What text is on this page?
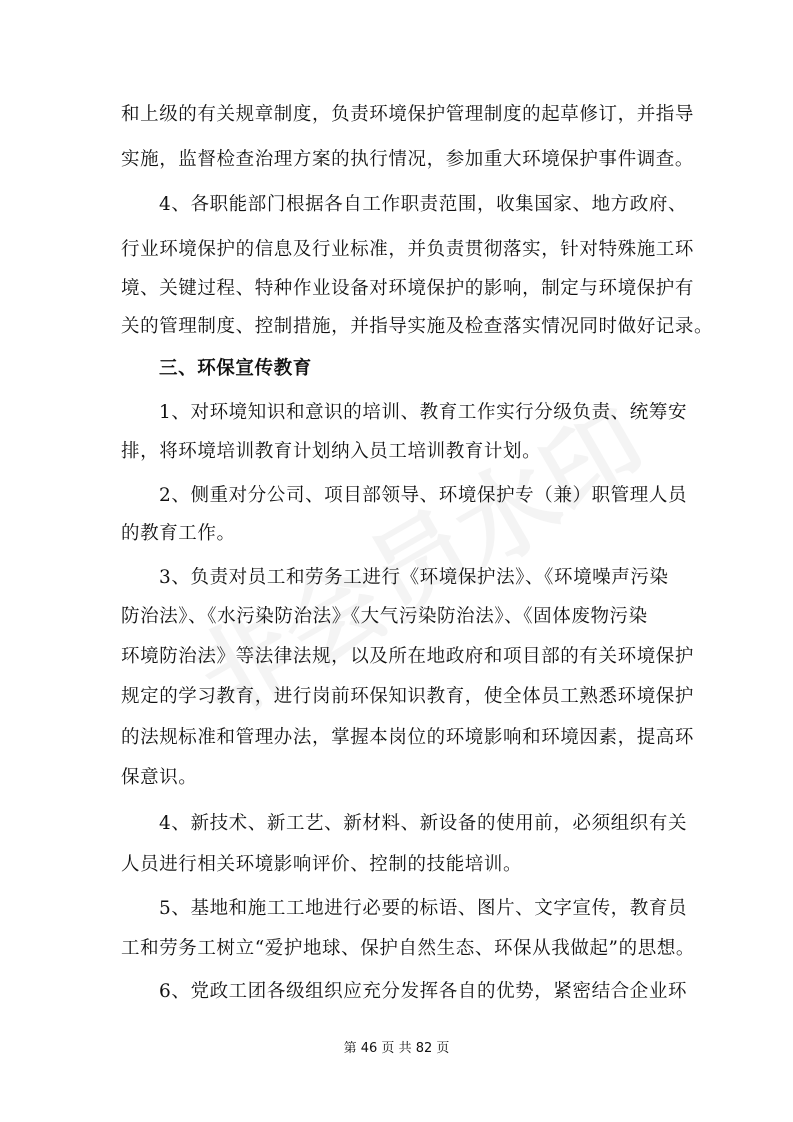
和上级的有关规章制度，负责环境保护管理制度的起草修订，并指导
实施，监督检查治理方案的执行情况，参加重大环境保护事件调查。
4、各职能部门根据各自工作职责范围，收集国家、地方政府、
行业环境保护的信息及行业标准，并负责贯彻落实，针对特殊施工环
境、关键过程、特种作业设备对环境保护的影响，制定与环境保护有
关的管理制度、控制措施，并指导实施及检查落实情况同时做好记录。
三、环保宣传教育
1、对环境知识和意识的培训、教育工作实行分级负责、统筹安
排，将环境培训教育计划纳入员工培训教育计划。
2、侧重对分公司、项目部领导、环境保护专（兼）职管理人员
的教育工作。
3、负责对员工和劳务工进行《环境保护法》、《环境噪声污染
防治法》、《水污染防治法》《大气污染防治法》、《固体废物污染
环境防治法》等法律法规，以及所在地政府和项目部的有关环境保护
规定的学习教育，进行岗前环保知识教育，使全体员工熟悉环境保护
的法规标准和管理办法，掌握本岗位的环境影响和环境因素，提高环
保意识。
4、新技术、新工艺、新材料、新设备的使用前，必须组织有关
人员进行相关环境影响评价、控制的技能培训。
5、基地和施工工地进行必要的标语、图片、文字宣传，教育员
工和劳务工树立“爱护地球、保护自然生态、环保从我做起”的思想。
6、党政工团各级组织应充分发挥各自的优势，紧密结合企业环
第 46 页 共 82 页
